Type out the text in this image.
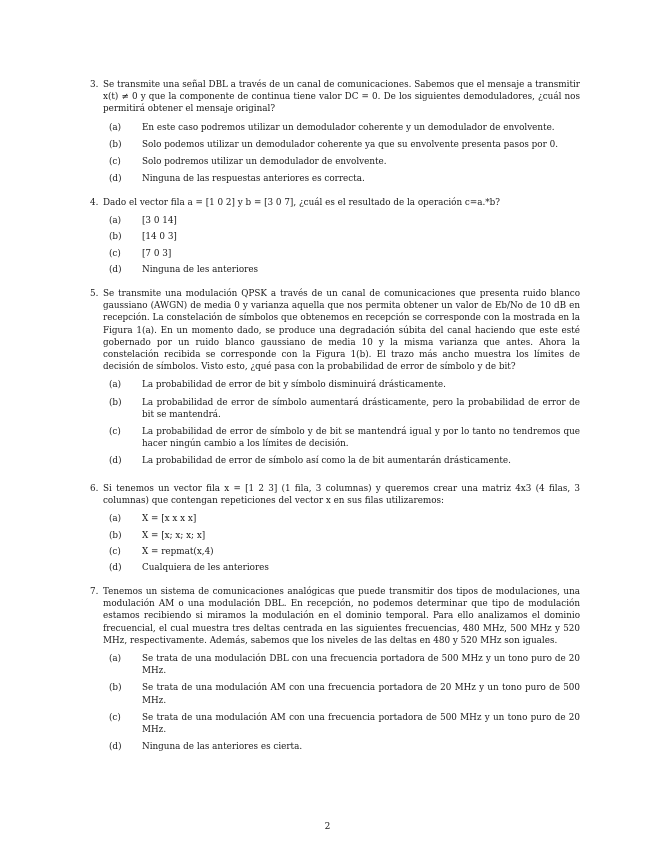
3. Se transmite una señal DBL a través de un canal de comunicaciones. Sabemos que el mensaje a transmitir x(t) ≠ 0 y que la componente de continua tiene valor DC = 0. De los siguientes demoduladores, ¿cuál nos permitirá obtener el mensaje original?
(a)	En este caso podremos utilizar un demodulador coherente y un demodulador de envolvente.
(b)	Solo podemos utilizar un demodulador coherente ya que su envolvente presenta pasos por 0.
(c)	Solo podremos utilizar un demodulador de envolvente.
(d)	Ninguna de las respuestas anteriores es correcta.
4. Dado el vector fila a = [1 0 2] y b = [3 0 7], ¿cuál es el resultado de la operación c=a.*b?
(a)	[3 0 14]
(b)	[14 0 3]
(c)	[7 0 3]
(d)	Ninguna de les anteriores
5. Se transmite una modulación QPSK a través de un canal de comunicaciones que presenta ruido blanco gaussiano (AWGN) de media 0 y varianza aquella que nos permita obtener un valor de Eb/No de 10 dB en recepción. La constelación de símbolos que obtenemos en recepción se corresponde con la mostrada en la Figura 1(a). En un momento dado, se produce una degradación súbita del canal haciendo que este esté gobernado por un ruido blanco gaussiano de media 10 y la misma varianza que antes. Ahora la constelación recibida se corresponde con la Figura 1(b). El trazo más ancho muestra los límites de decisión de símbolos. Visto esto, ¿qué pasa con la probabilidad de error de símbolo y de bit?
(a)	La probabilidad de error de bit y símbolo disminuirá drásticamente.
(b)	La probabilidad de error de símbolo aumentará drásticamente, pero la probabilidad de error de bit se mantendrá.
(c)	La probabilidad de error de símbolo y de bit se mantendrá igual y por lo tanto no tendremos que hacer ningún cambio a los límites de decisión.
(d)	La probabilidad de error de símbolo así como la de bit aumentarán drásticamente.
6. Si tenemos un vector fila x = [1 2 3] (1 fila, 3 columnas) y queremos crear una matriz 4x3 (4 filas, 3 columnas) que contengan repeticiones del vector x en sus filas utilizaremos:
(a)	X = [x x x x]
(b)	X = [x; x; x; x]
(c)	X = repmat(x,4)
(d)	Cualquiera de les anteriores
7. Tenemos un sistema de comunicaciones analógicas que puede transmitir dos tipos de modulaciones, una modulación AM o una modulación DBL. En recepción, no podemos determinar que tipo de modulación estamos recibiendo si miramos la modulación en el dominio temporal. Para ello analizamos el dominio frecuencial, el cual muestra tres deltas centrada en las siguientes frecuencias, 480 MHz, 500 MHz y 520 MHz, respectivamente. Además, sabemos que los niveles de las deltas en 480 y 520 MHz son iguales.
(a)	Se trata de una modulación DBL con una frecuencia portadora de 500 MHz y un tono puro de 20 MHz.
(b)	Se trata de una modulación AM con una frecuencia portadora de 20 MHz y un tono puro de 500 MHz.
(c)	Se trata de una modulación AM con una frecuencia portadora de 500 MHz y un tono puro de 20 MHz.
(d)	Ninguna de las anteriores es cierta.
2
